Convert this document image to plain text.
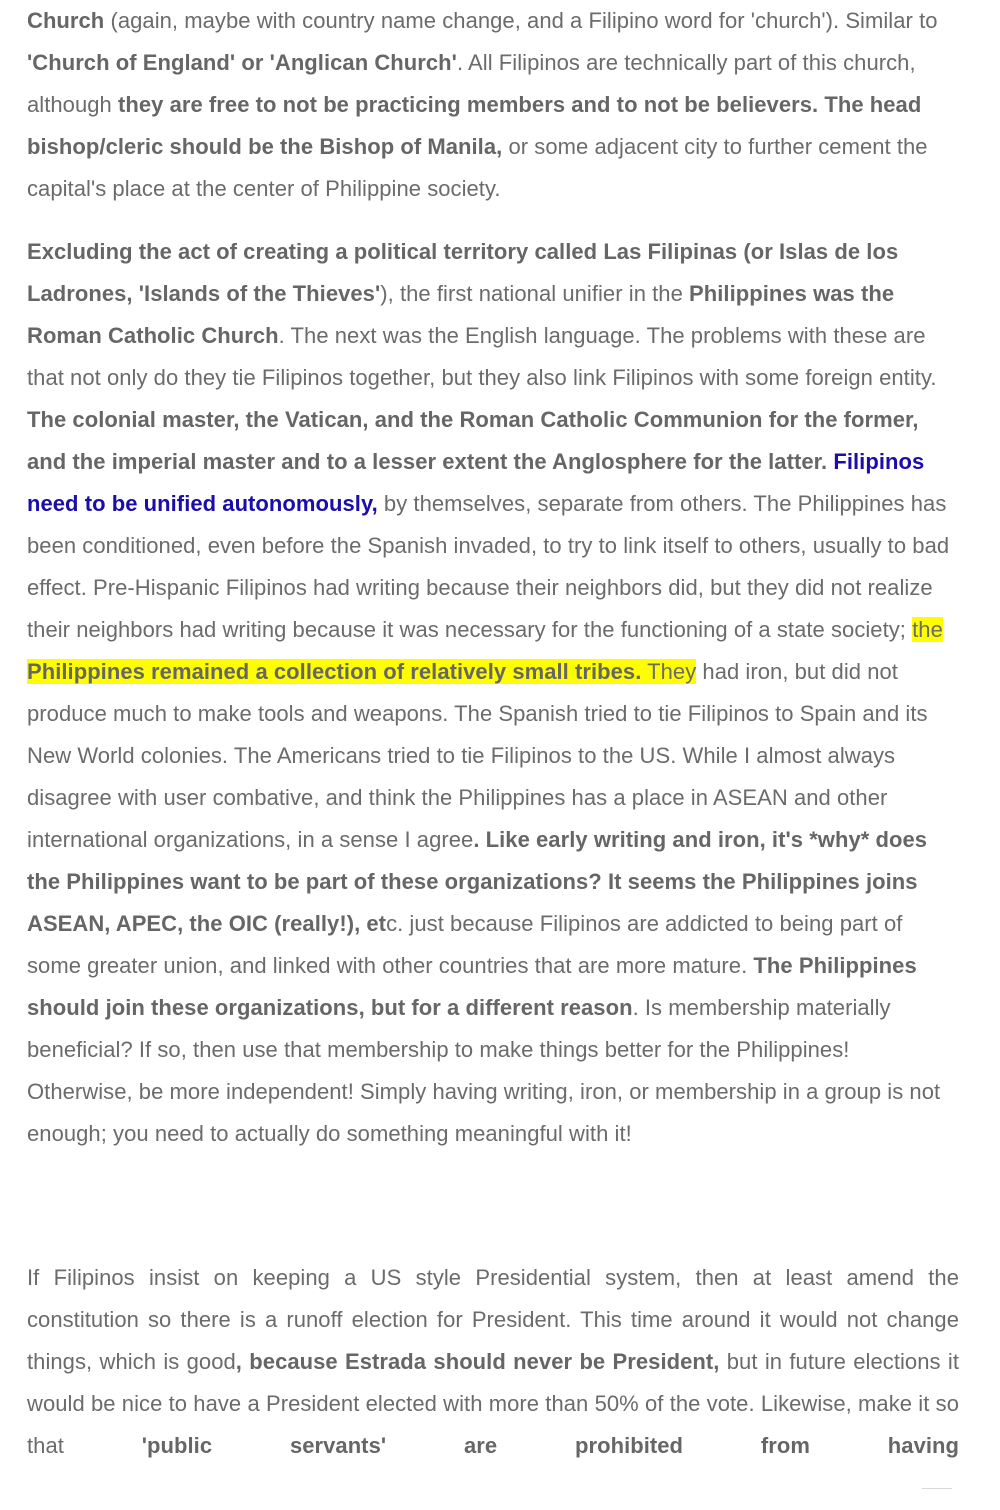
Church (again, maybe with country name change, and a Filipino word for 'church'). Similar to 'Church of England' or 'Anglican Church'. All Filipinos are technically part of this church, although they are free to not be practicing members and to not be believers. The head bishop/cleric should be the Bishop of Manila, or some adjacent city to further cement the capital's place at the center of Philippine society.

Excluding the act of creating a political territory called Las Filipinas (or Islas de los Ladrones, 'Islands of the Thieves'), the first national unifier in the Philippines was the Roman Catholic Church. The next was the English language. The problems with these are that not only do they tie Filipinos together, but they also link Filipinos with some foreign entity. The colonial master, the Vatican, and the Roman Catholic Communion for the former, and the imperial master and to a lesser extent the Anglosphere for the latter. Filipinos need to be unified autonomously, by themselves, separate from others. The Philippines has been conditioned, even before the Spanish invaded, to try to link itself to others, usually to bad effect. Pre-Hispanic Filipinos had writing because their neighbors did, but they did not realize their neighbors had writing because it was necessary for the functioning of a state society; the Philippines remained a collection of relatively small tribes. They had iron, but did not produce much to make tools and weapons. The Spanish tried to tie Filipinos to Spain and its New World colonies. The Americans tried to tie Filipinos to the US. While I almost always disagree with user combative, and think the Philippines has a place in ASEAN and other international organizations, in a sense I agree. Like early writing and iron, it's *why* does the Philippines want to be part of these organizations? It seems the Philippines joins ASEAN, APEC, the OIC (really!), etc. just because Filipinos are addicted to being part of some greater union, and linked with other countries that are more mature. The Philippines should join these organizations, but for a different reason. Is membership materially beneficial? If so, then use that membership to make things better for the Philippines! Otherwise, be more independent! Simply having writing, iron, or membership in a group is not enough; you need to actually do something meaningful with it!

If Filipinos insist on keeping a US style Presidential system, then at least amend the constitution so there is a runoff election for President. This time around it would not change things, which is good, because Estrada should never be President, but in future elections it would be nice to have a President elected with more than 50% of the vote. Likewise, make it so that 'public servants' are prohibited from having
